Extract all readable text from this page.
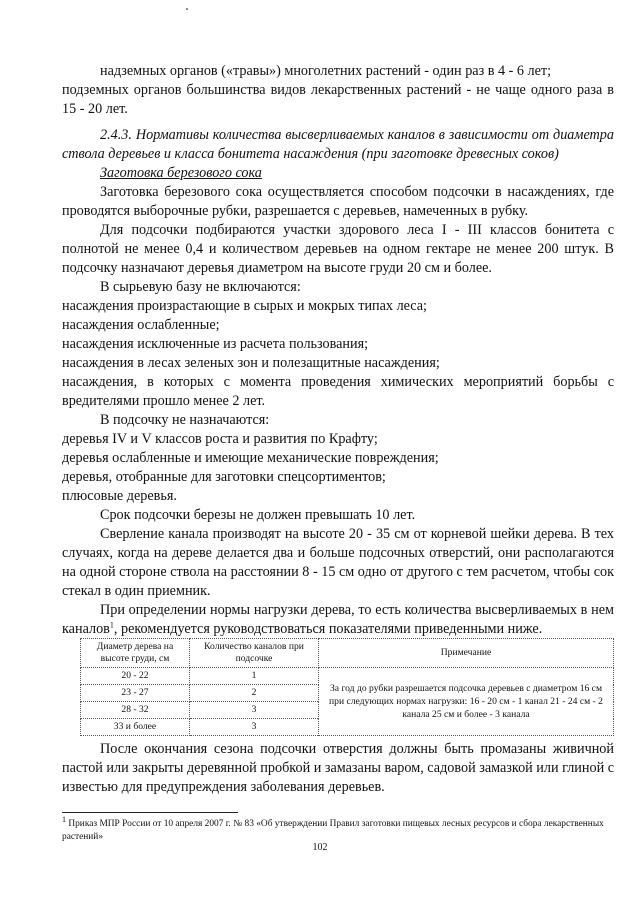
надземных органов («травы») многолетних растений - один раз в 4 - 6 лет;

подземных органов большинства видов лекарственных растений - не чаще одного раза в 15 - 20 лет.

2.4.3. Нормативы количества высверливаемых каналов в зависимости от диаметра ствола деревьев и класса бонитета насаждения (при заготовке древесных соков)

Заготовка березового сока

Заготовка березового сока осуществляется способом подсочки в насаждениях, где проводятся выборочные рубки, разрешается с деревьев, намеченных в рубку.

Для подсочки подбираются участки здорового леса I - III классов бонитета с полнотой не менее 0,4 и количеством деревьев на одном гектаре не менее 200 штук. В подсочку назначают деревья диаметром на высоте груди 20 см и более.

В сырьевую базу не включаются:

насаждения произрастающие в сырых и мокрых типах леса;

насаждения ослабленные;

насаждения исключенные из расчета пользования;

насаждения в лесах зеленых зон и полезащитные насаждения;

насаждения, в которых с момента проведения химических мероприятий борьбы с вредителями прошло менее 2 лет.

В подсочку не назначаются:

деревья IV и V классов роста и развития по Крафту;

деревья ослабленные и имеющие механические повреждения;

деревья, отобранные для заготовки спецсортиментов;

плюсовые деревья.

Срок подсочки березы не должен превышать 10 лет.

Сверление канала производят на высоте 20 - 35 см от корневой шейки дерева. В тех случаях, когда на дереве делается два и больше подсочных отверстий, они располагаются на одной стороне ствола на расстоянии 8 - 15 см одно от другого с тем расчетом, чтобы сок стекал в один приемник.

При определении нормы нагрузки дерева, то есть количества высверливаемых в нем каналов$^1$, рекомендуется руководствоваться показателями приведенными ниже.

Диаметр дерева на высоте груди, см	Количество каналов при подсочке	Примечание
20 - 22	1	За год до рубки разрешается подсочка деревьев с диаметром 16 см при следующих нормах нагрузки: 16 - 20 см - 1 канал 21 - 24 см - 2 канала 25 см и более - 3 канала
23 - 27	2	
28 - 32	3	
33 и более	3	

После окончания сезона подсочки отверстия должны быть промазаны живичной пастой или закрыты деревянной пробкой и замазаны варом, садовой замазкой или глиной с известью для предупреждения заболевания деревьев.

$^1$ Приказ МПР России от 10 апреля 2007 г. № 83 «Об утверждении Правил заготовки пищевых лесных ресурсов и сбора лекарственных растений»
102
